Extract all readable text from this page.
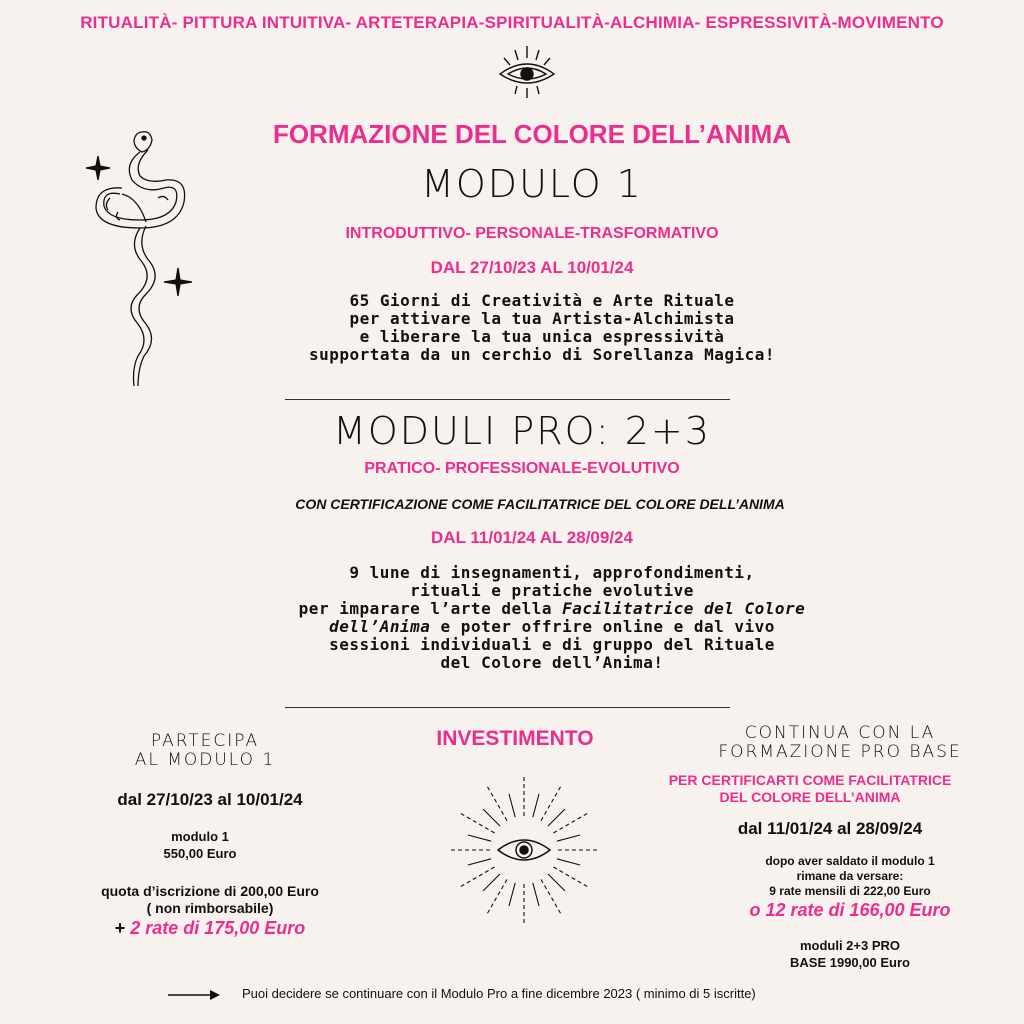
RITUALITÀ- PITTURA INTUITIVA- ARTETERAPIA-SPIRITUALITÀ-ALCHIMIA- ESPRESSIVITÀ-MOVIMENTO
FORMAZIONE DEL COLORE DELL’ANIMA
MODULO 1
INTRODUTTIVO- PERSONALE-TRASFORMATIVO
DAL 27/10/23 AL 10/01/24
65 Giorni di Creatività e Arte Rituale
per attivare la tua Artista-Alchimista
e liberare la tua unica espressività
supportata da un cerchio di Sorellanza Magica!
MODULI PRO: 2+3
PRATICO- PROFESSIONALE-EVOLUTIVO
CON CERTIFICAZIONE COME FACILITATRICE DEL COLORE DELL’ANIMA
DAL 11/01/24 AL 28/09/24
9 lune di insegnamenti, approfondimenti,
rituali e pratiche evolutive
per imparare l’arte della Facilitatrice del Colore
dell’Anima e poter offrire online e dal vivo
sessioni individuali e di gruppo del Rituale
del Colore dell’Anima!
INVESTIMENTO
PARTECIPA
AL MODULO 1
dal 27/10/23 al 10/01/24
modulo 1
550,00 Euro
quota d’iscrizione di 200,00 Euro
( non rimborsabile)
+ 2 rate di 175,00 Euro
CONTINUA CON LA
FORMAZIONE PRO BASE
PER CERTIFICARTI COME FACILITATRICE
DEL COLORE DELL’ANIMA
dal 11/01/24 al 28/09/24
dopo aver saldato il modulo 1
rimane da versare:
9 rate mensili di 222,00 Euro
o 12 rate di 166,00 Euro
moduli 2+3 PRO
BASE 1990,00 Euro
Puoi decidere se continuare con il Modulo Pro a fine dicembre 2023 ( minimo di 5 iscritte)
